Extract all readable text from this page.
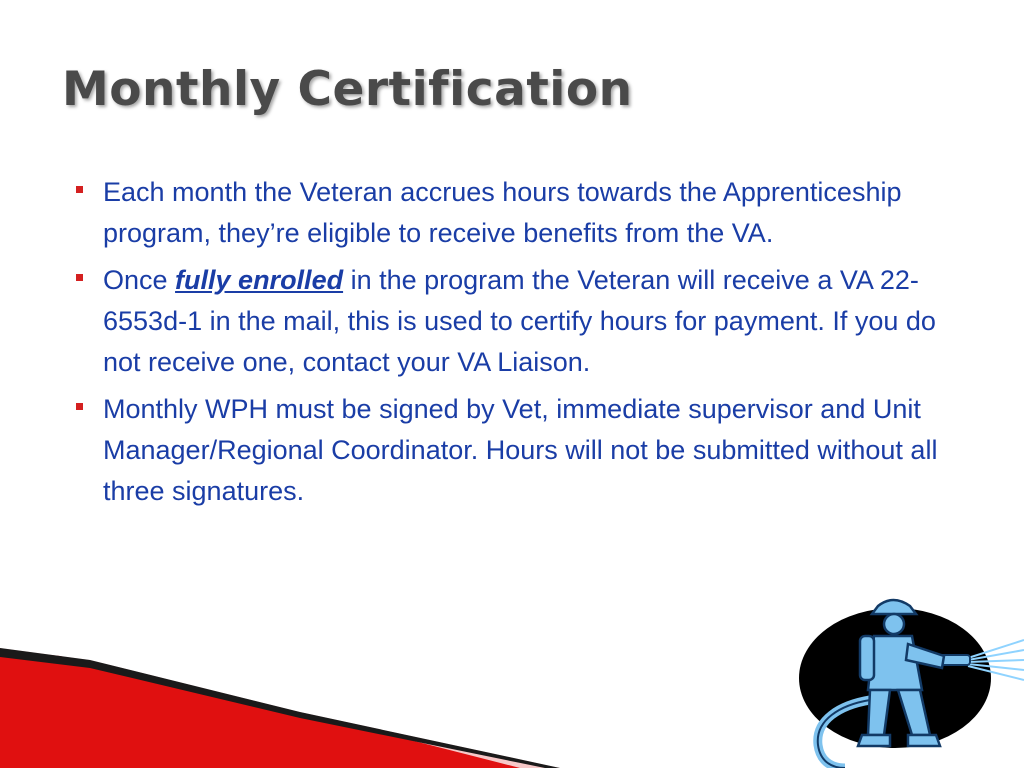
Monthly Certification
Each month the Veteran accrues hours towards the Apprenticeship program, they’re eligible to receive benefits from the VA.
Once fully enrolled in the program the Veteran will receive a VA 22-6553d-1 in the mail, this is used to certify hours for payment. If you do not receive one, contact your VA Liaison.
Monthly WPH must be signed by Vet, immediate supervisor and Unit Manager/Regional Coordinator. Hours will not be submitted without all three signatures.
